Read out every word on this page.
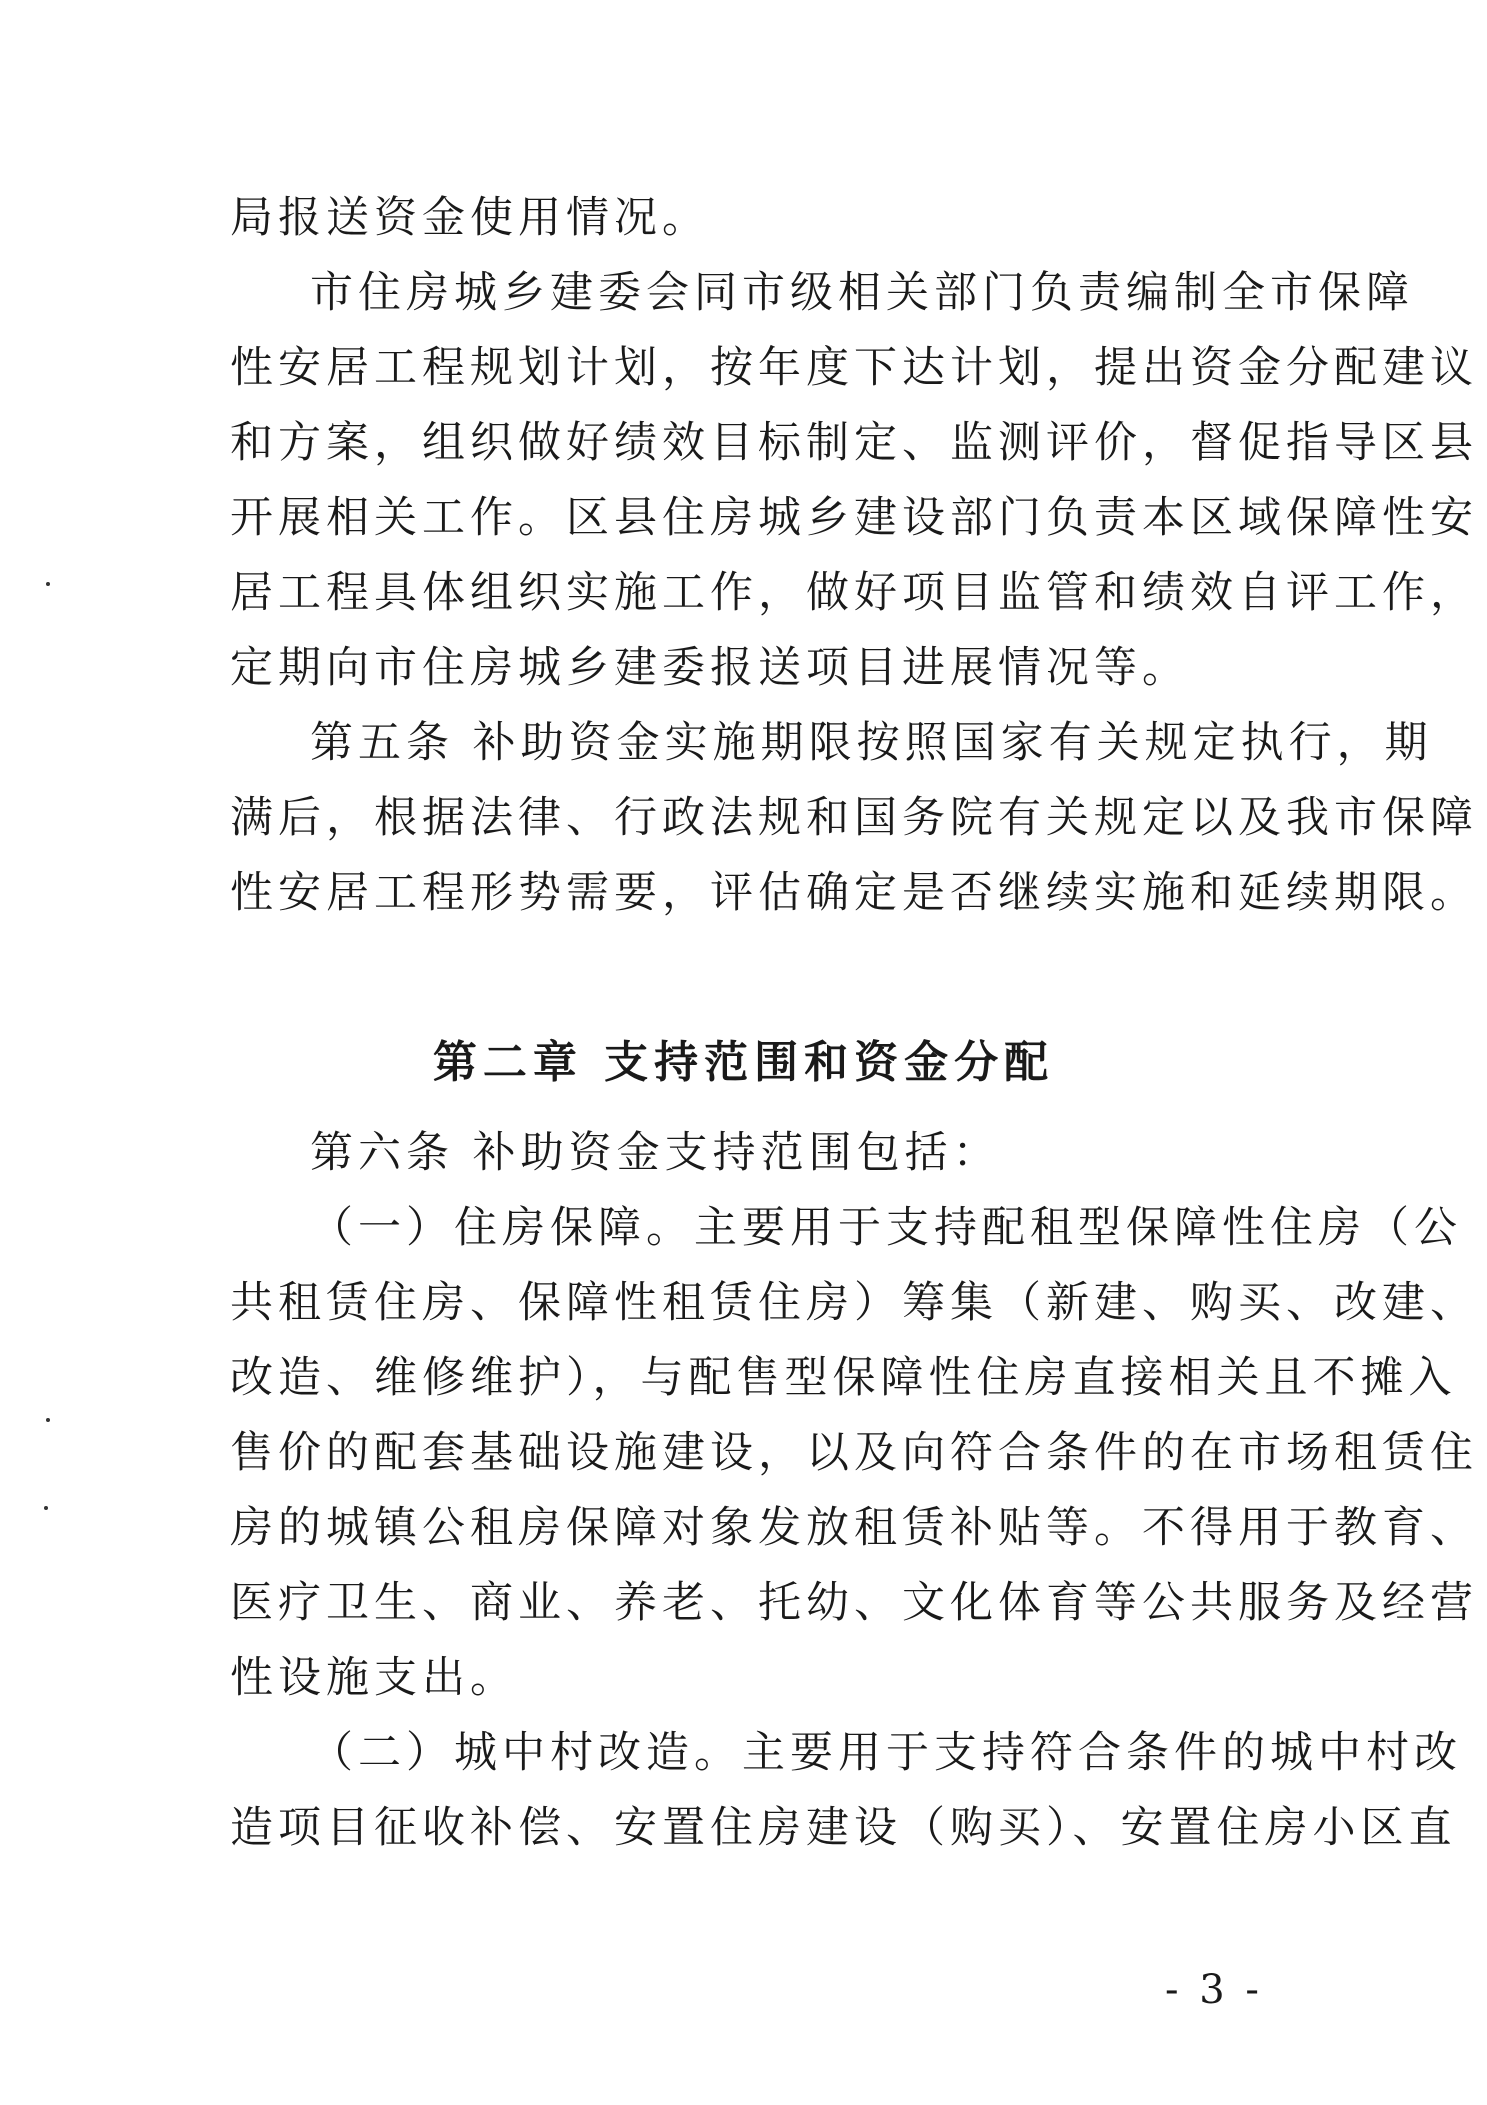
局报送资金使用情况。
市住房城乡建委会同市级相关部门负责编制全市保障
性安居工程规划计划，按年度下达计划，提出资金分配建议
和方案，组织做好绩效目标制定、监测评价，督促指导区县
开展相关工作。区县住房城乡建设部门负责本区域保障性安
居工程具体组织实施工作，做好项目监管和绩效自评工作，
定期向市住房城乡建委报送项目进展情况等。
第五条 补助资金实施期限按照国家有关规定执行，期
满后，根据法律、行政法规和国务院有关规定以及我市保障
性安居工程形势需要，评估确定是否继续实施和延续期限。
第二章 支持范围和资金分配
第六条 补助资金支持范围包括：
（一）住房保障。主要用于支持配租型保障性住房（公
共租赁住房、保障性租赁住房）筹集（新建、购买、改建、
改造、维修维护），与配售型保障性住房直接相关且不摊入
售价的配套基础设施建设，以及向符合条件的在市场租赁住
房的城镇公租房保障对象发放租赁补贴等。不得用于教育、
医疗卫生、商业、养老、托幼、文化体育等公共服务及经营
性设施支出。
（二）城中村改造。主要用于支持符合条件的城中村改
造项目征收补偿、安置住房建设（购买）、安置住房小区直
- 3 -
